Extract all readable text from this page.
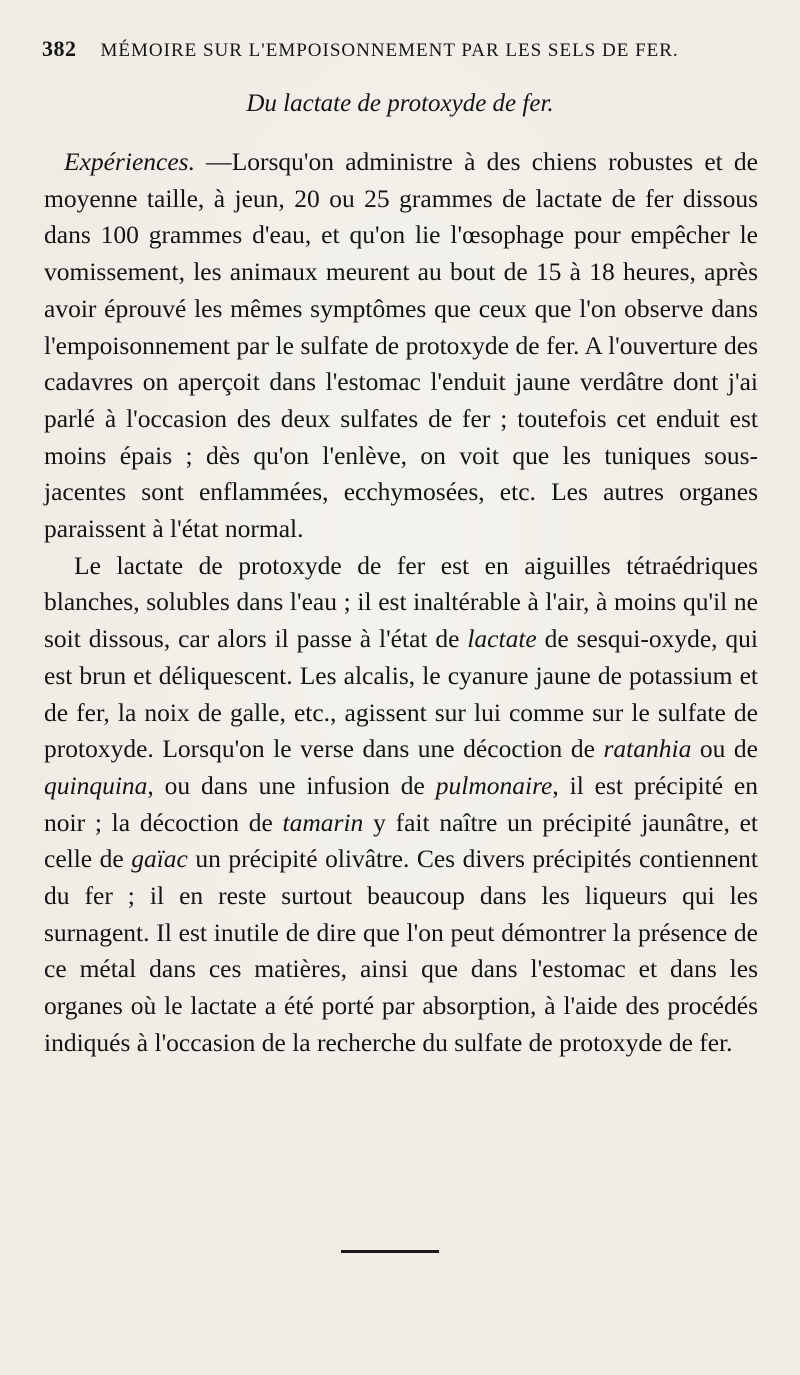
382 MÉMOIRE SUR L'EMPOISONNEMENT PAR LES SELS DE FER.
Du lactate de protoxyde de fer.

Expériences. —Lorsqu'on administre à des chiens robustes et de moyenne taille, à jeun, 20 ou 25 grammes de lactate de fer dissous dans 100 grammes d'eau, et qu'on lie l'œsophage pour empêcher le vomissement, les animaux meurent au bout de 15 à 18 heures, après avoir éprouvé les mêmes symptômes que ceux que l'on observe dans l'empoisonnement par le sulfate de protoxyde de fer. A l'ouverture des cadavres on aperçoit dans l'estomac l'enduit jaune verdâtre dont j'ai parlé à l'occasion des deux sulfates de fer ; toutefois cet enduit est moins épais ; dès qu'on l'enlève, on voit que les tuniques sous-jacentes sont enflammées, ecchymosées, etc. Les autres organes paraissent à l'état normal.

Le lactate de protoxyde de fer est en aiguilles tétraédriques blanches, solubles dans l'eau ; il est inaltérable à l'air, à moins qu'il ne soit dissous, car alors il passe à l'état de lactate de sesqui-oxyde, qui est brun et déliquescent. Les alcalis, le cyanure jaune de potassium et de fer, la noix de galle, etc., agissent sur lui comme sur le sulfate de protoxyde. Lorsqu'on le verse dans une décoction de ratanhia ou de quinquina, ou dans une infusion de pulmonaire, il est précipité en noir ; la décoction de tamarin y fait naître un précipité jaunâtre, et celle de gaïac un précipité olivâtre. Ces divers précipités contiennent du fer ; il en reste surtout beaucoup dans les liqueurs qui les surnagent. Il est inutile de dire que l'on peut démontrer la présence de ce métal dans ces matières, ainsi que dans l'estomac et dans les organes où le lactate a été porté par absorption, à l'aide des procédés indiqués à l'occasion de la recherche du sulfate de protoxyde de fer.
